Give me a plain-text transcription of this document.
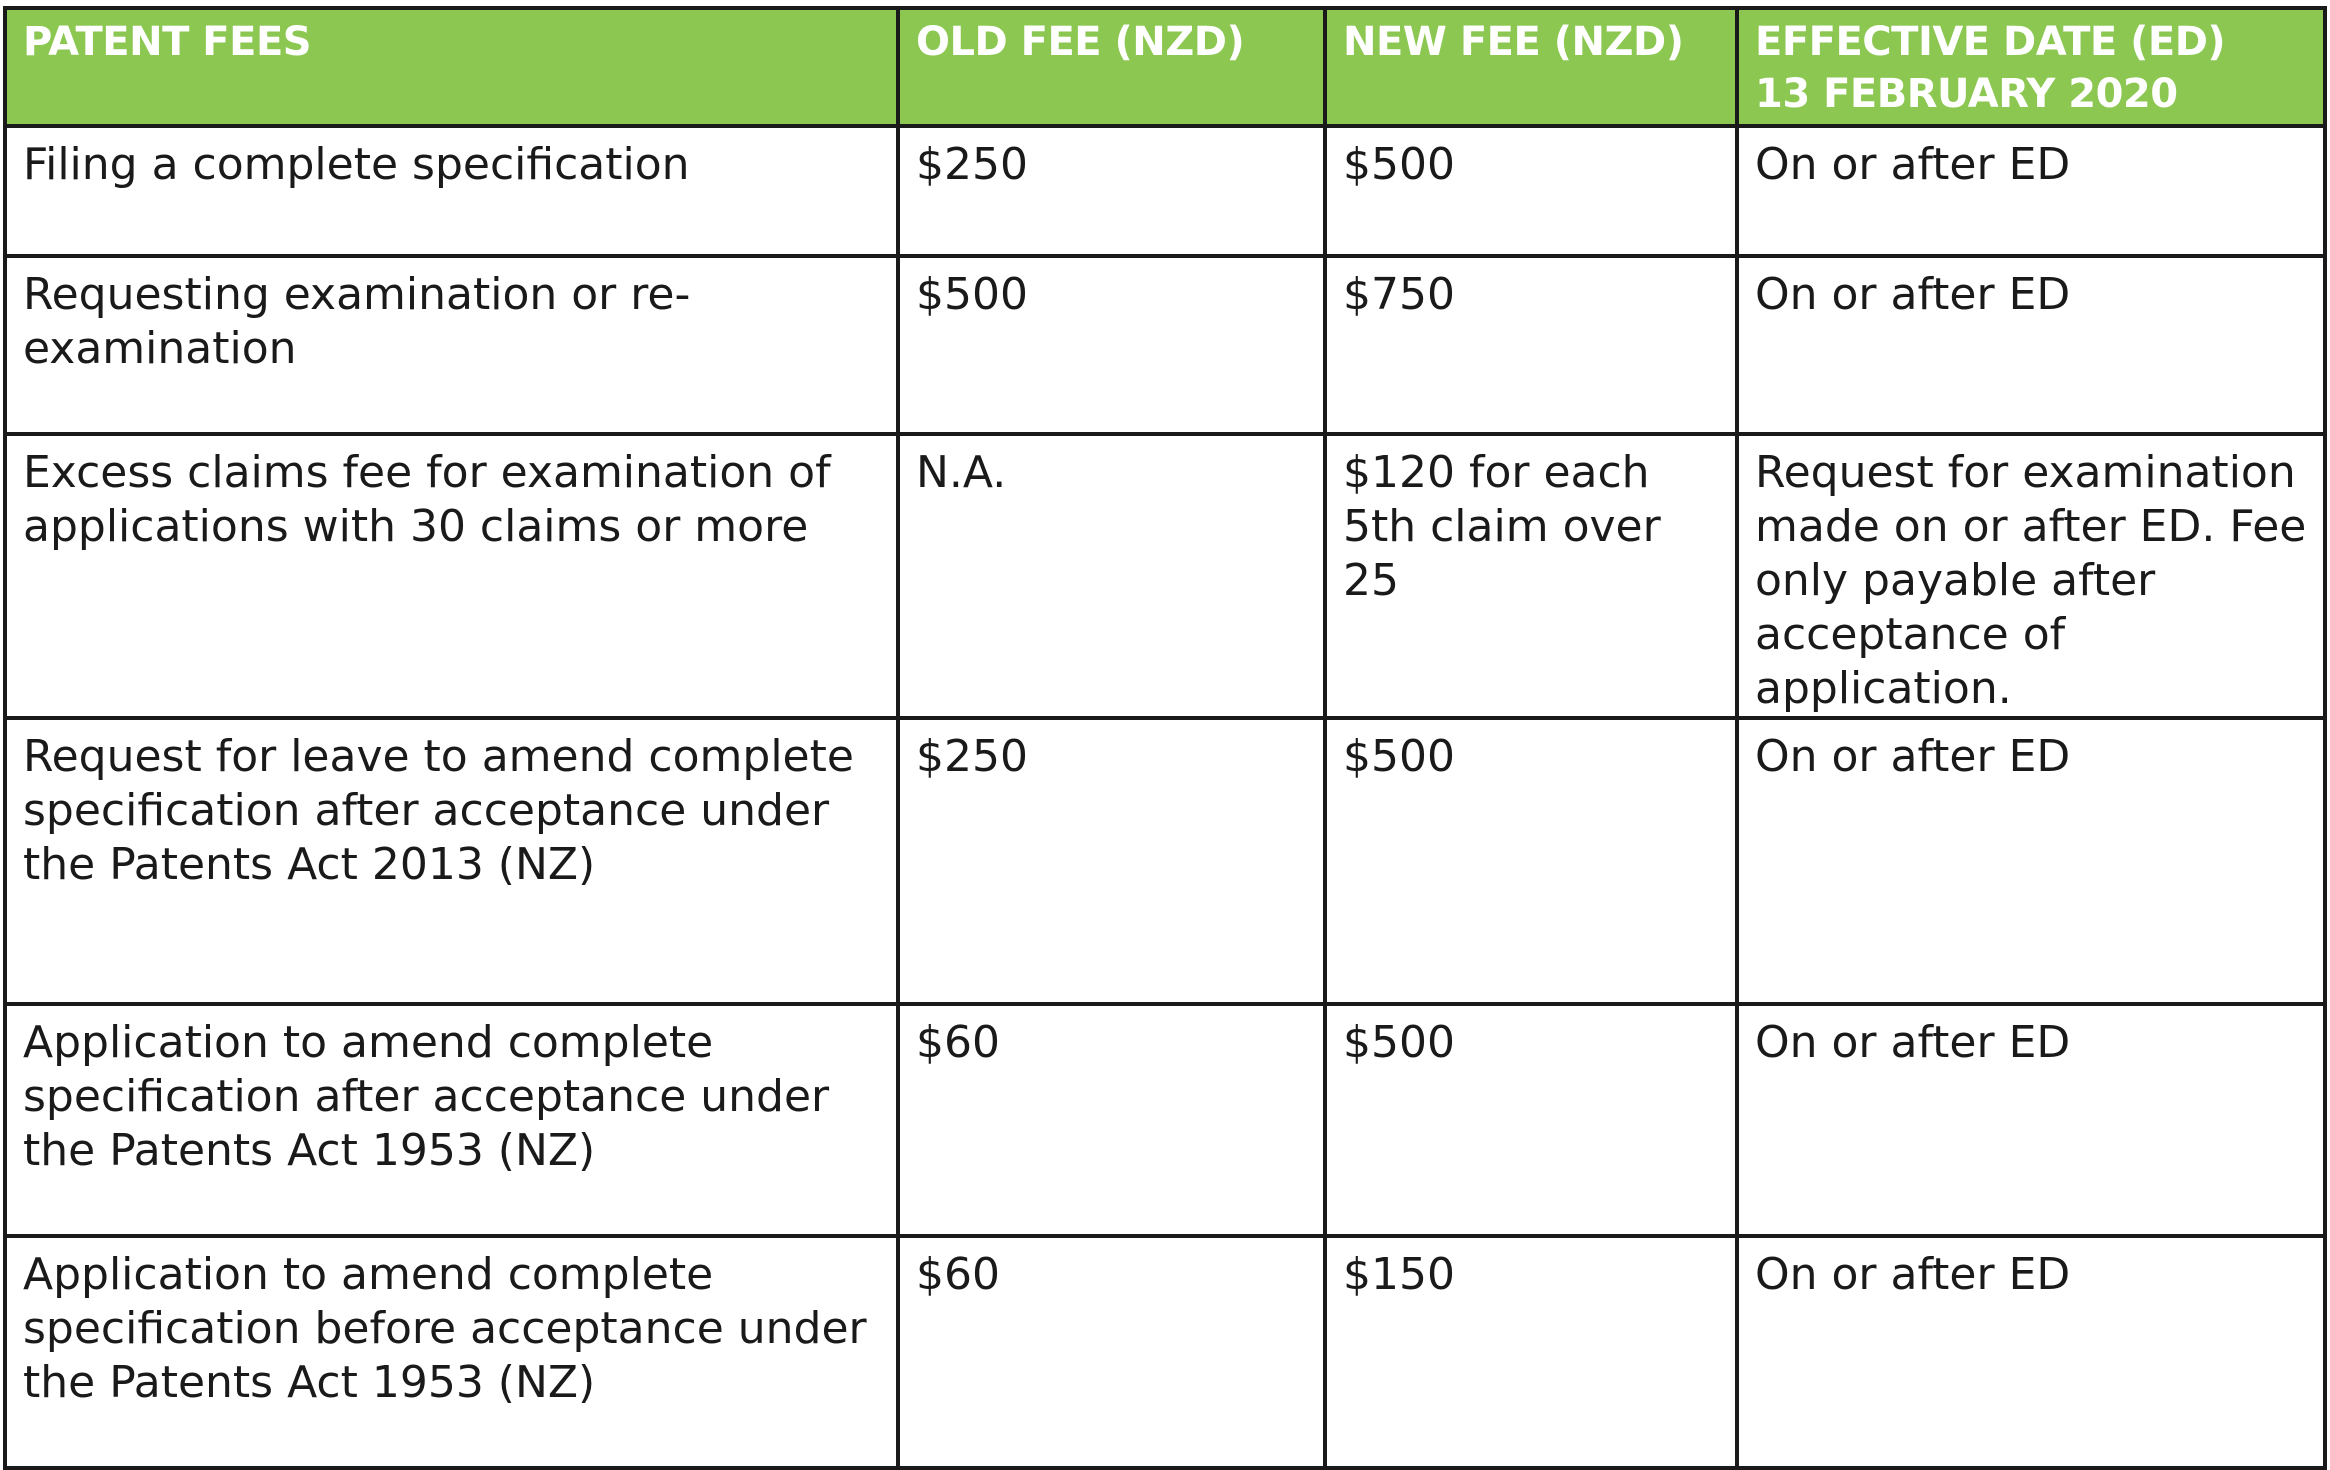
PATENT FEES	OLD FEE (NZD)	NEW FEE (NZD)	EFFECTIVE DATE (ED)
13 FEBRUARY 2020

Filing a complete specification	$250	$500	On or after ED
Requesting examination or re-examination	$500	$750	On or after ED
Excess claims fee for examination of applications with 30 claims or more	N.A.	$120 for each 5th claim over 25	Request for examination made on or after ED. Fee only payable after acceptance of application.
Request for leave to amend complete specification after acceptance under the Patents Act 2013 (NZ)	$250	$500	On or after ED
Application to amend complete specification after acceptance under the Patents Act 1953 (NZ)	$60	$500	On or after ED
Application to amend complete specification before acceptance under the Patents Act 1953 (NZ)	$60	$150	On or after ED
